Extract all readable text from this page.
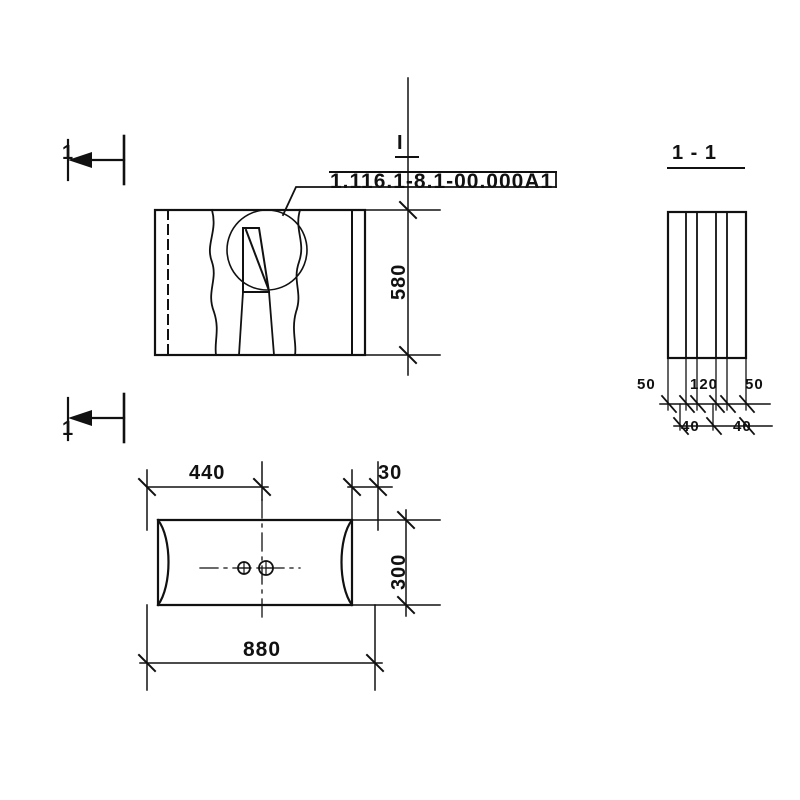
I
1.116.1-8.1-00.000А1
580
1
1
1 - 1
440	30
300
880
50 120 50
40 40
